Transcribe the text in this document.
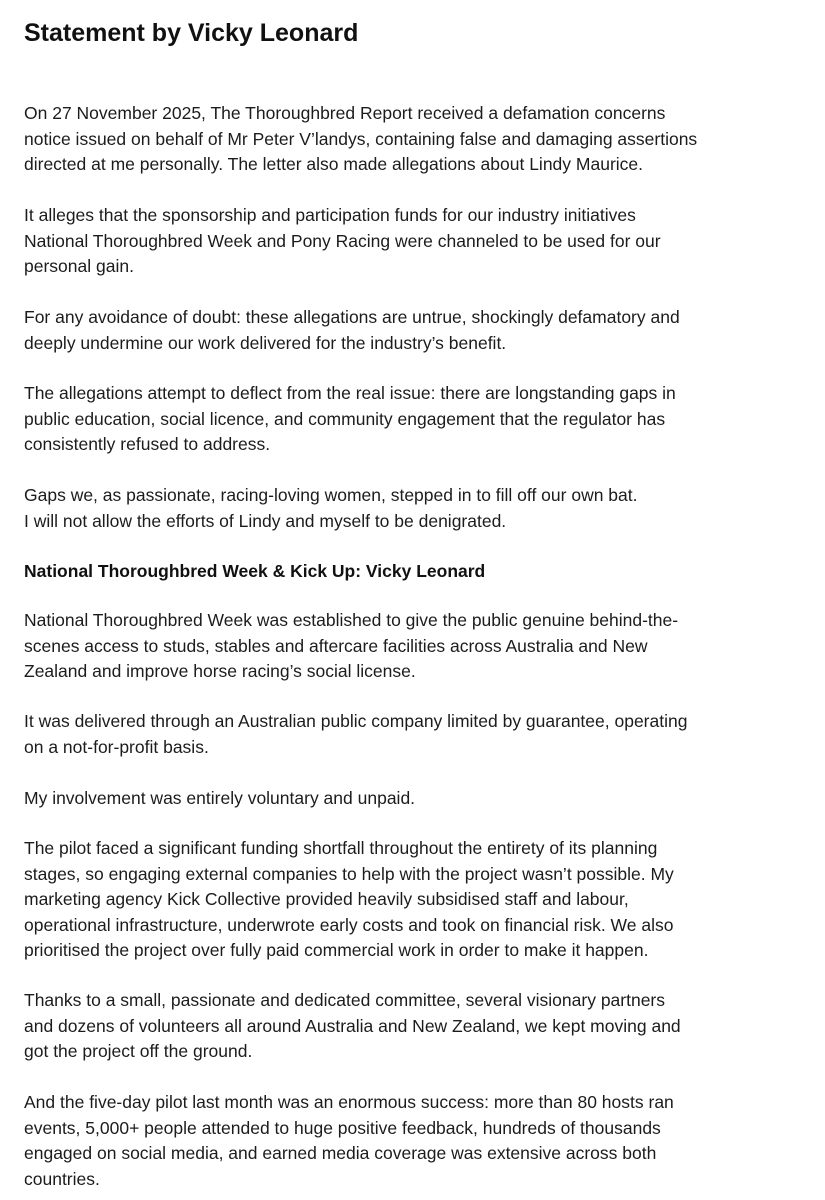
Statement by Vicky Leonard

On 27 November 2025, The Thoroughbred Report received a defamation concerns
notice issued on behalf of Mr Peter V’landys, containing false and damaging assertions
directed at me personally. The letter also made allegations about Lindy Maurice.

It alleges that the sponsorship and participation funds for our industry initiatives
National Thoroughbred Week and Pony Racing were channeled to be used for our
personal gain.

For any avoidance of doubt: these allegations are untrue, shockingly defamatory and
deeply undermine our work delivered for the industry’s benefit.

The allegations attempt to deflect from the real issue: there are longstanding gaps in
public education, social licence, and community engagement that the regulator has
consistently refused to address.

Gaps we, as passionate, racing-loving women, stepped in to fill off our own bat.
I will not allow the efforts of Lindy and myself to be denigrated.

National Thoroughbred Week & Kick Up: Vicky Leonard

National Thoroughbred Week was established to give the public genuine behind-the-
scenes access to studs, stables and aftercare facilities across Australia and New
Zealand and improve horse racing’s social license.

It was delivered through an Australian public company limited by guarantee, operating
on a not-for-profit basis.

My involvement was entirely voluntary and unpaid.

The pilot faced a significant funding shortfall throughout the entirety of its planning
stages, so engaging external companies to help with the project wasn’t possible. My
marketing agency Kick Collective provided heavily subsidised staff and labour,
operational infrastructure, underwrote early costs and took on financial risk. We also
prioritised the project over fully paid commercial work in order to make it happen.

Thanks to a small, passionate and dedicated committee, several visionary partners
and dozens of volunteers all around Australia and New Zealand, we kept moving and
got the project off the ground.

And the five-day pilot last month was an enormous success: more than 80 hosts ran
events, 5,000+ people attended to huge positive feedback, hundreds of thousands
engaged on social media, and earned media coverage was extensive across both
countries.
